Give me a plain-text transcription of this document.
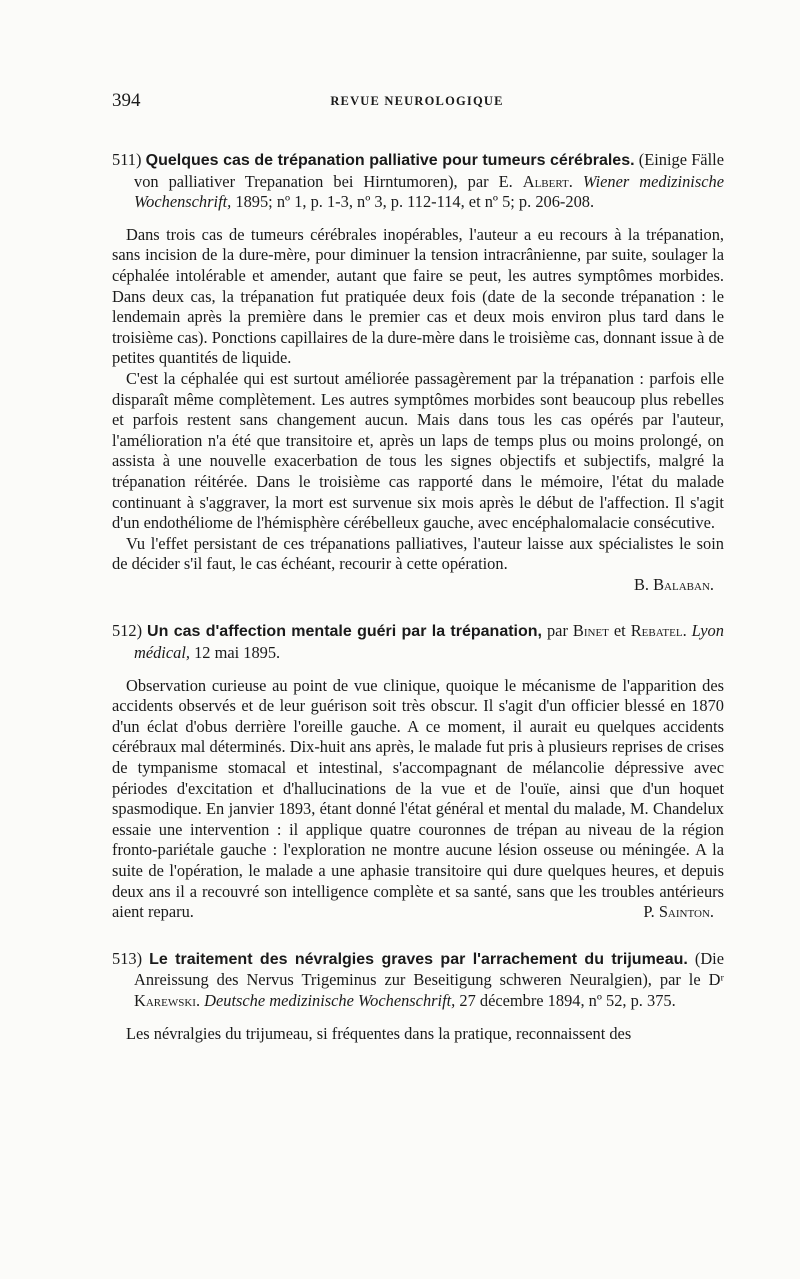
394	REVUE NEUROLOGIQUE

511) Quelques cas de trépanation palliative pour tumeurs cérébrales. (Einige Fälle von palliativer Trepanation bei Hirntumoren), par E. Albert. Wiener medizinische Wochenschrift, 1895; nº 1, p. 1-3, nº 3, p. 112-114, et nº 5; p. 206-208.

Dans trois cas de tumeurs cérébrales inopérables, l'auteur a eu recours à la trépanation, sans incision de la dure-mère, pour diminuer la tension intracrânienne, par suite, soulager la céphalée intolérable et amender, autant que faire se peut, les autres symptômes morbides. Dans deux cas, la trépanation fut pratiquée deux fois (date de la seconde trépanation : le lendemain après la première dans le premier cas et deux mois environ plus tard dans le troisième cas). Ponctions capillaires de la dure-mère dans le troisième cas, donnant issue à de petites quantités de liquide.

C'est la céphalée qui est surtout améliorée passagèrement par la trépanation : parfois elle disparaît même complètement. Les autres symptômes morbides sont beaucoup plus rebelles et parfois restent sans changement aucun. Mais dans tous les cas opérés par l'auteur, l'amélioration n'a été que transitoire et, après un laps de temps plus ou moins prolongé, on assista à une nouvelle exacerbation de tous les signes objectifs et subjectifs, malgré la trépanation réitérée. Dans le troisième cas rapporté dans le mémoire, l'état du malade continuant à s'aggraver, la mort est survenue six mois après le début de l'affection. Il s'agit d'un endothéliome de l'hémisphère cérébelleux gauche, avec encéphalomalacie consécutive.

Vu l'effet persistant de ces trépanations palliatives, l'auteur laisse aux spécialistes le soin de décider s'il faut, le cas échéant, recourir à cette opération.

B. Balaban.

512) Un cas d'affection mentale guéri par la trépanation, par Binet et Rebatel. Lyon médical, 12 mai 1895.

Observation curieuse au point de vue clinique, quoique le mécanisme de l'apparition des accidents observés et de leur guérison soit très obscur. Il s'agit d'un officier blessé en 1870 d'un éclat d'obus derrière l'oreille gauche. A ce moment, il aurait eu quelques accidents cérébraux mal déterminés. Dix-huit ans après, le malade fut pris à plusieurs reprises de crises de tympanisme stomacal et intestinal, s'accompagnant de mélancolie dépressive avec périodes d'excitation et d'hallucinations de la vue et de l'ouïe, ainsi que d'un hoquet spasmodique. En janvier 1893, étant donné l'état général et mental du malade, M. Chandelux essaie une intervention : il applique quatre couronnes de trépan au niveau de la région fronto-pariétale gauche : l'exploration ne montre aucune lésion osseuse ou méningée. A la suite de l'opération, le malade a une aphasie transitoire qui dure quelques heures, et depuis deux ans il a recouvré son intelligence complète et sa santé, sans que les troubles antérieurs aient reparu.	P. Sainton.

513) Le traitement des névralgies graves par l'arrachement du trijumeau. (Die Anreissung des Nervus Trigeminus zur Beseitigung schweren Neuralgien), par le Dʳ Karewski. Deutsche medizinische Wochenschrift, 27 décembre 1894, nº 52, p. 375.

Les névralgies du trijumeau, si fréquentes dans la pratique, reconnaissent des
